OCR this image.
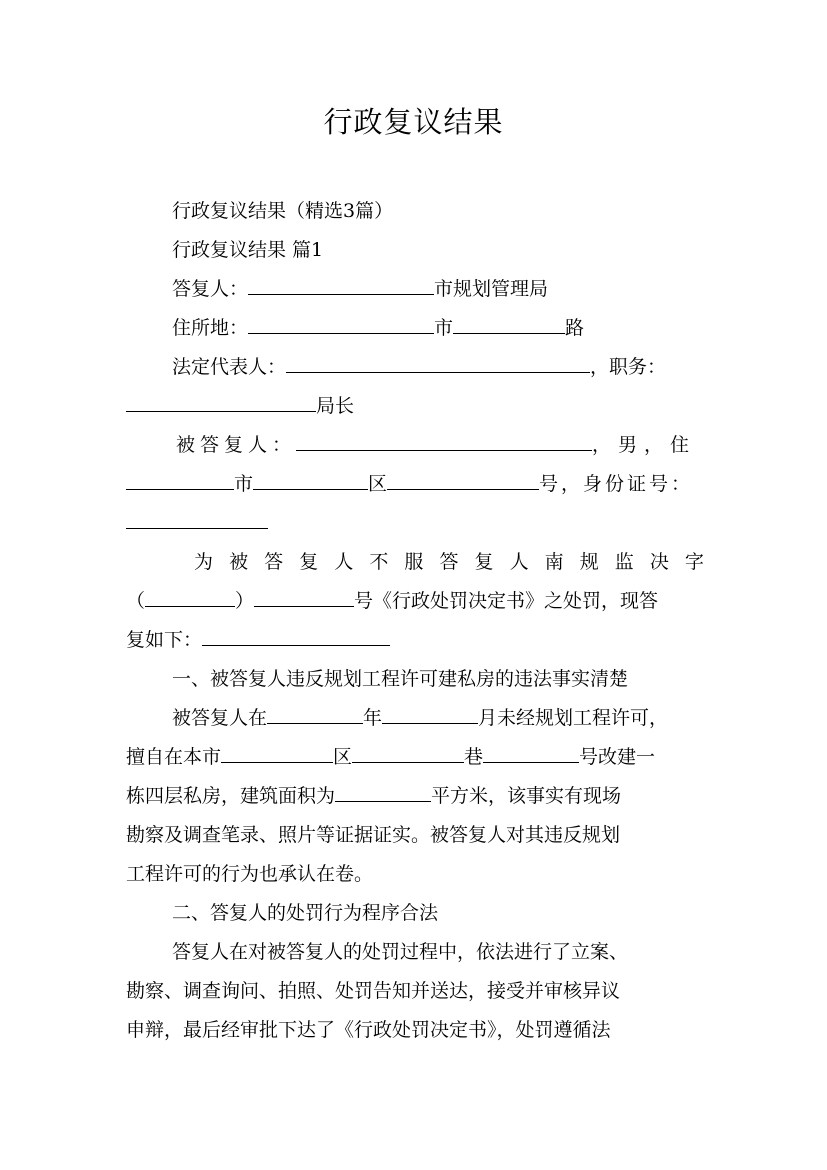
行政复议结果
行政复议结果（精选3篇）
行政复议结果 篇1
答复人：	市规划管理局
住所地：	市	路
法定代表人：	，职务：
局长
被答复人：	，男，住
市	区	号，身份证号：
为 被 答 复 人 不 服 答 复 人 南 规 监 决 字
（	）	号《行政处罚决定书》之处罚，现答
复如下：
一、被答复人违反规划工程许可建私房的违法事实清楚
被答复人在	年	月未经规划工程许可，
擅自在本市	区	巷	号改建一
栋四层私房，建筑面积为	平方米，该事实有现场
勘察及调查笔录、照片等证据证实。被答复人对其违反规划
工程许可的行为也承认在卷。
二、答复人的处罚行为程序合法
答复人在对被答复人的处罚过程中，依法进行了立案、
勘察、调查询问、拍照、处罚告知并送达，接受并审核异议
申辩，最后经审批下达了《行政处罚决定书》，处罚遵循法
